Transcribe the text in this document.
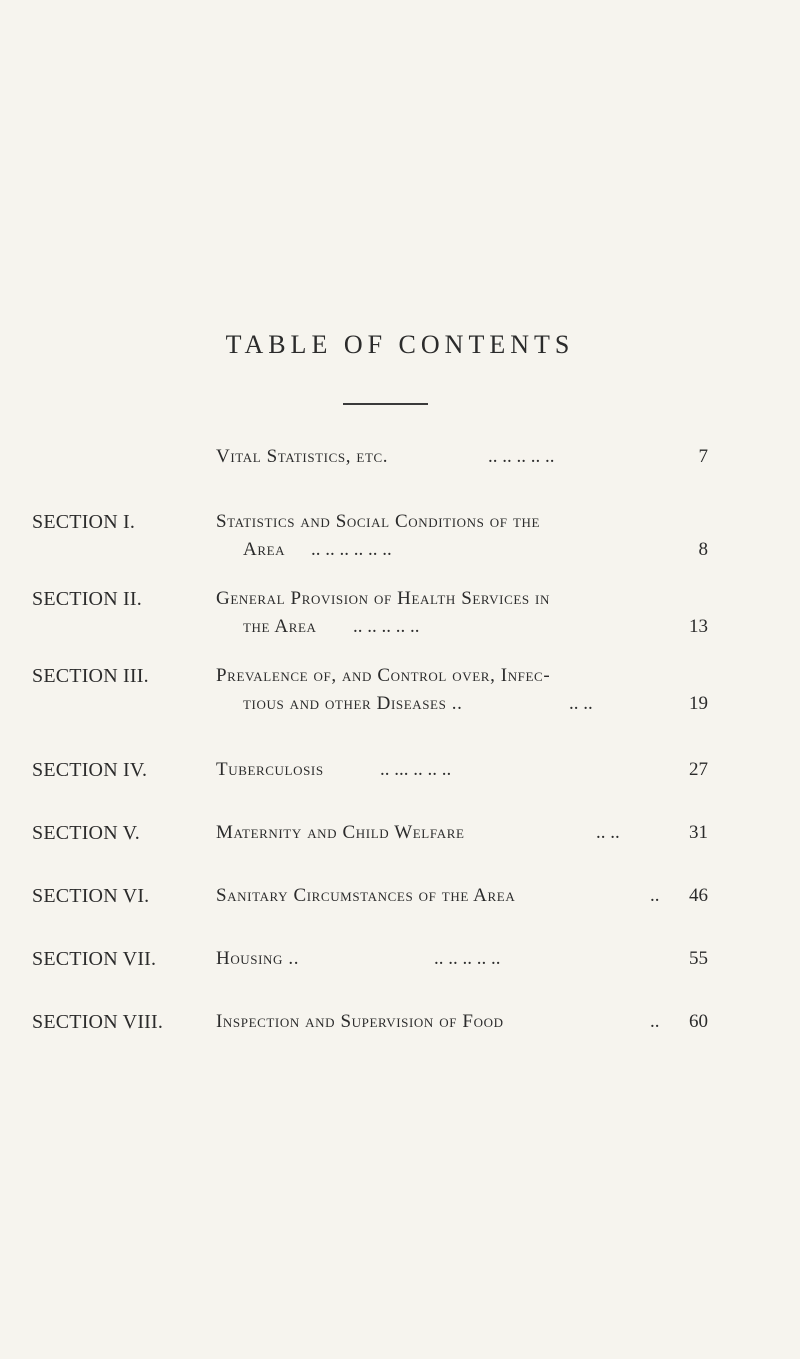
TABLE OF CONTENTS
Vital Statistics, etc.	.. .. .. .. ..	7
SECTION I.	Statistics and Social Conditions of the
Area .. .. .. .. .. ..	8
SECTION II.	General Provision of Health Services in
the Area .. .. .. .. ..	13
SECTION III.	Prevalence of, and Control over, Infec-
tious and other Diseases ..	.. ..	19
SECTION IV.	Tuberculosis	.. ... .. .. ..	27
SECTION V.	Maternity and Child Welfare	.. ..	31
SECTION VI.	Sanitary Circumstances of the Area	.. 46
SECTION VII.	Housing ..	.. .. .. .. ..	55
SECTION VIII.	Inspection and Supervision of Food	.. 60
